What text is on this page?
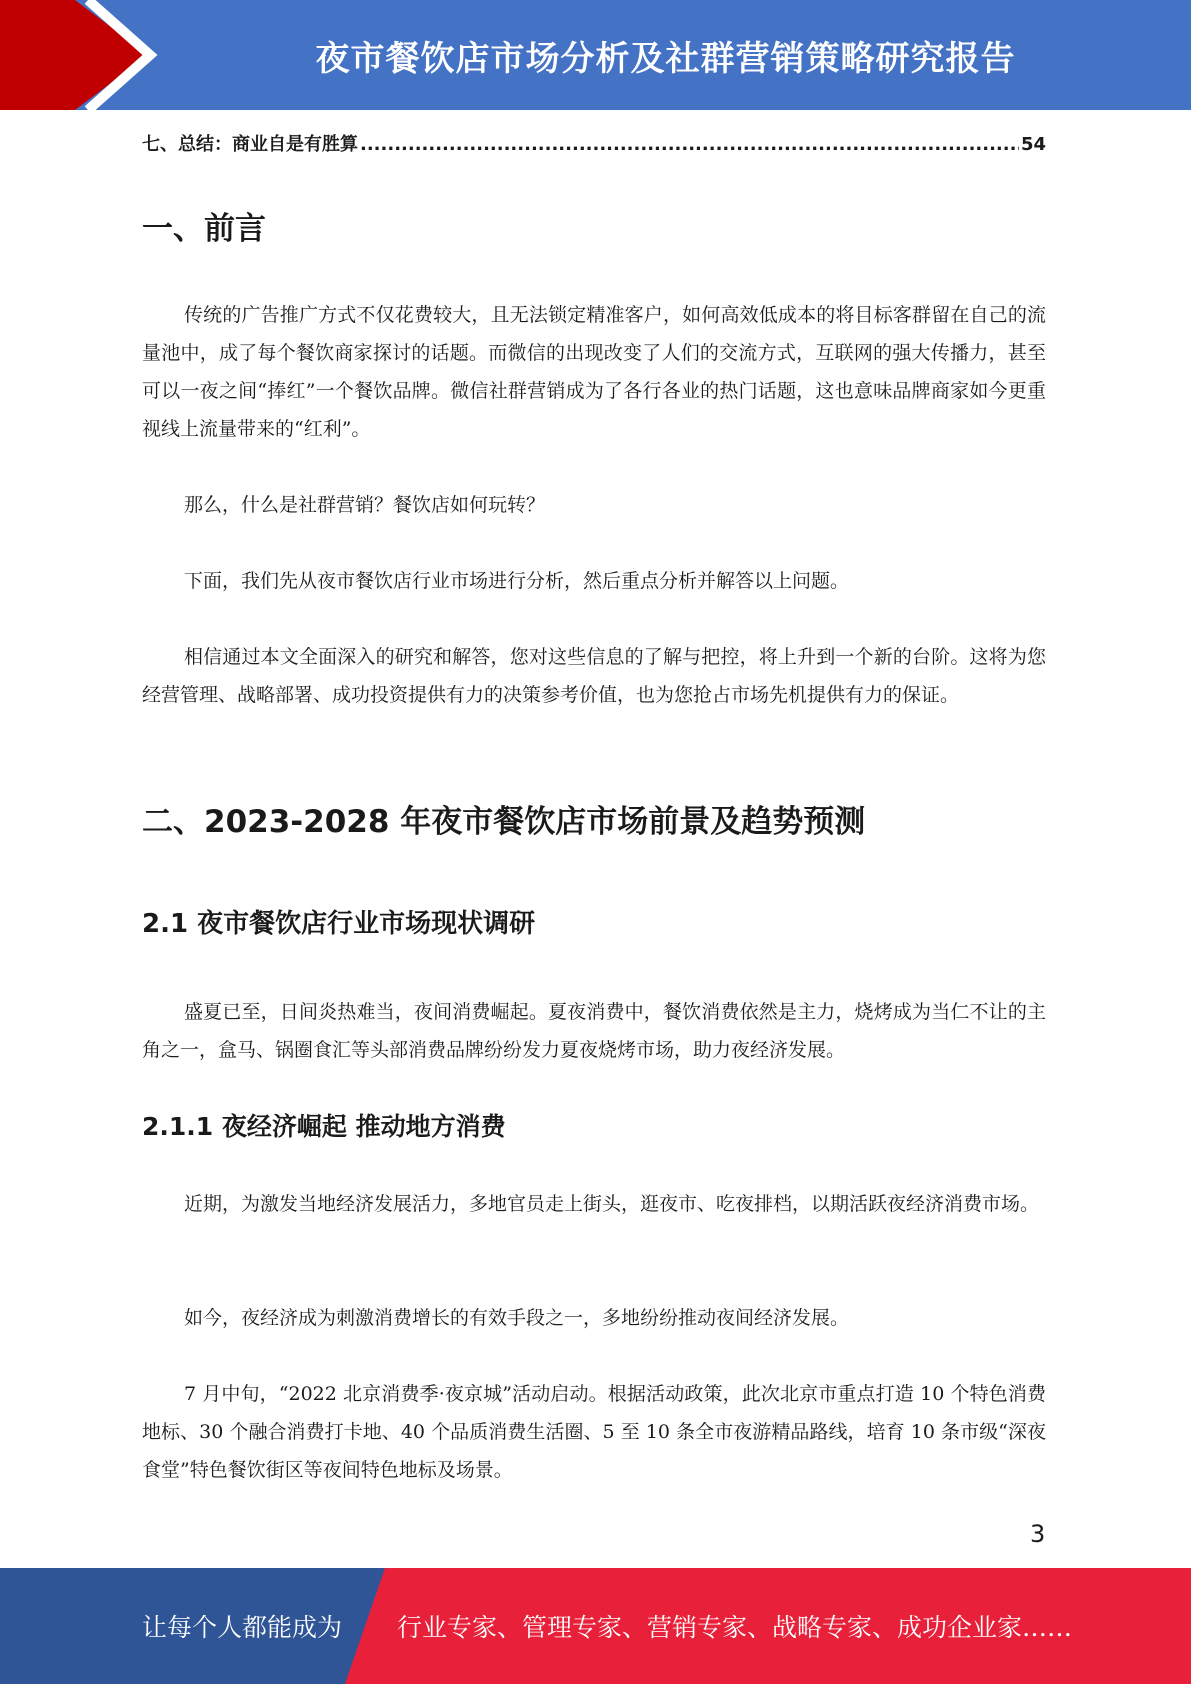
夜市餐饮店市场分析及社群营销策略研究报告
七、总结：商业自是有胜算
.....	54
一、前言

传统的广告推广方式不仅花费较大，且无法锁定精准客户，如何高效低成本的将目标客群留在自己的流量池中，成了每个餐饮商家探讨的话题。而微信的出现改变了人们的交流方式，互联网的强大传播力，甚至可以一夜之间“捧红”一个餐饮品牌。微信社群营销成为了各行各业的热门话题，这也意味品牌商家如今更重视线上流量带来的“红利”。

那么，什么是社群营销？餐饮店如何玩转？

下面，我们先从夜市餐饮店行业市场进行分析，然后重点分析并解答以上问题。

相信通过本文全面深入的研究和解答，您对这些信息的了解与把控，将上升到一个新的台阶。这将为您经营管理、战略部署、成功投资提供有力的决策参考价值，也为您抢占市场先机提供有力的保证。

二、2023-2028 年夜市餐饮店市场前景及趋势预测
2.1 夜市餐饮店行业市场现状调研

盛夏已至，日间炎热难当，夜间消费崛起。夏夜消费中，餐饮消费依然是主力，烧烤成为当仁不让的主角之一，盒马、锅圈食汇等头部消费品牌纷纷发力夏夜烧烤市场，助力夜经济发展。

2.1.1 夜经济崛起 推动地方消费

近期，为激发当地经济发展活力，多地官员走上街头，逛夜市、吃夜排档，以期活跃夜经济消费市场。

如今，夜经济成为刺激消费增长的有效手段之一，多地纷纷推动夜间经济发展。

7 月中旬，“2022 北京消费季·夜京城”活动启动。根据活动政策，此次北京市重点打造 10 个特色消费地标、30 个融合消费打卡地、40 个品质消费生活圈、5 至 10 条全市夜游精品路线，培育 10 条市级“深夜食堂”特色餐饮街区等夜间特色地标及场景。

3
让每个人都能成为 行业专家、管理专家、营销专家、战略专家、成功企业家……
